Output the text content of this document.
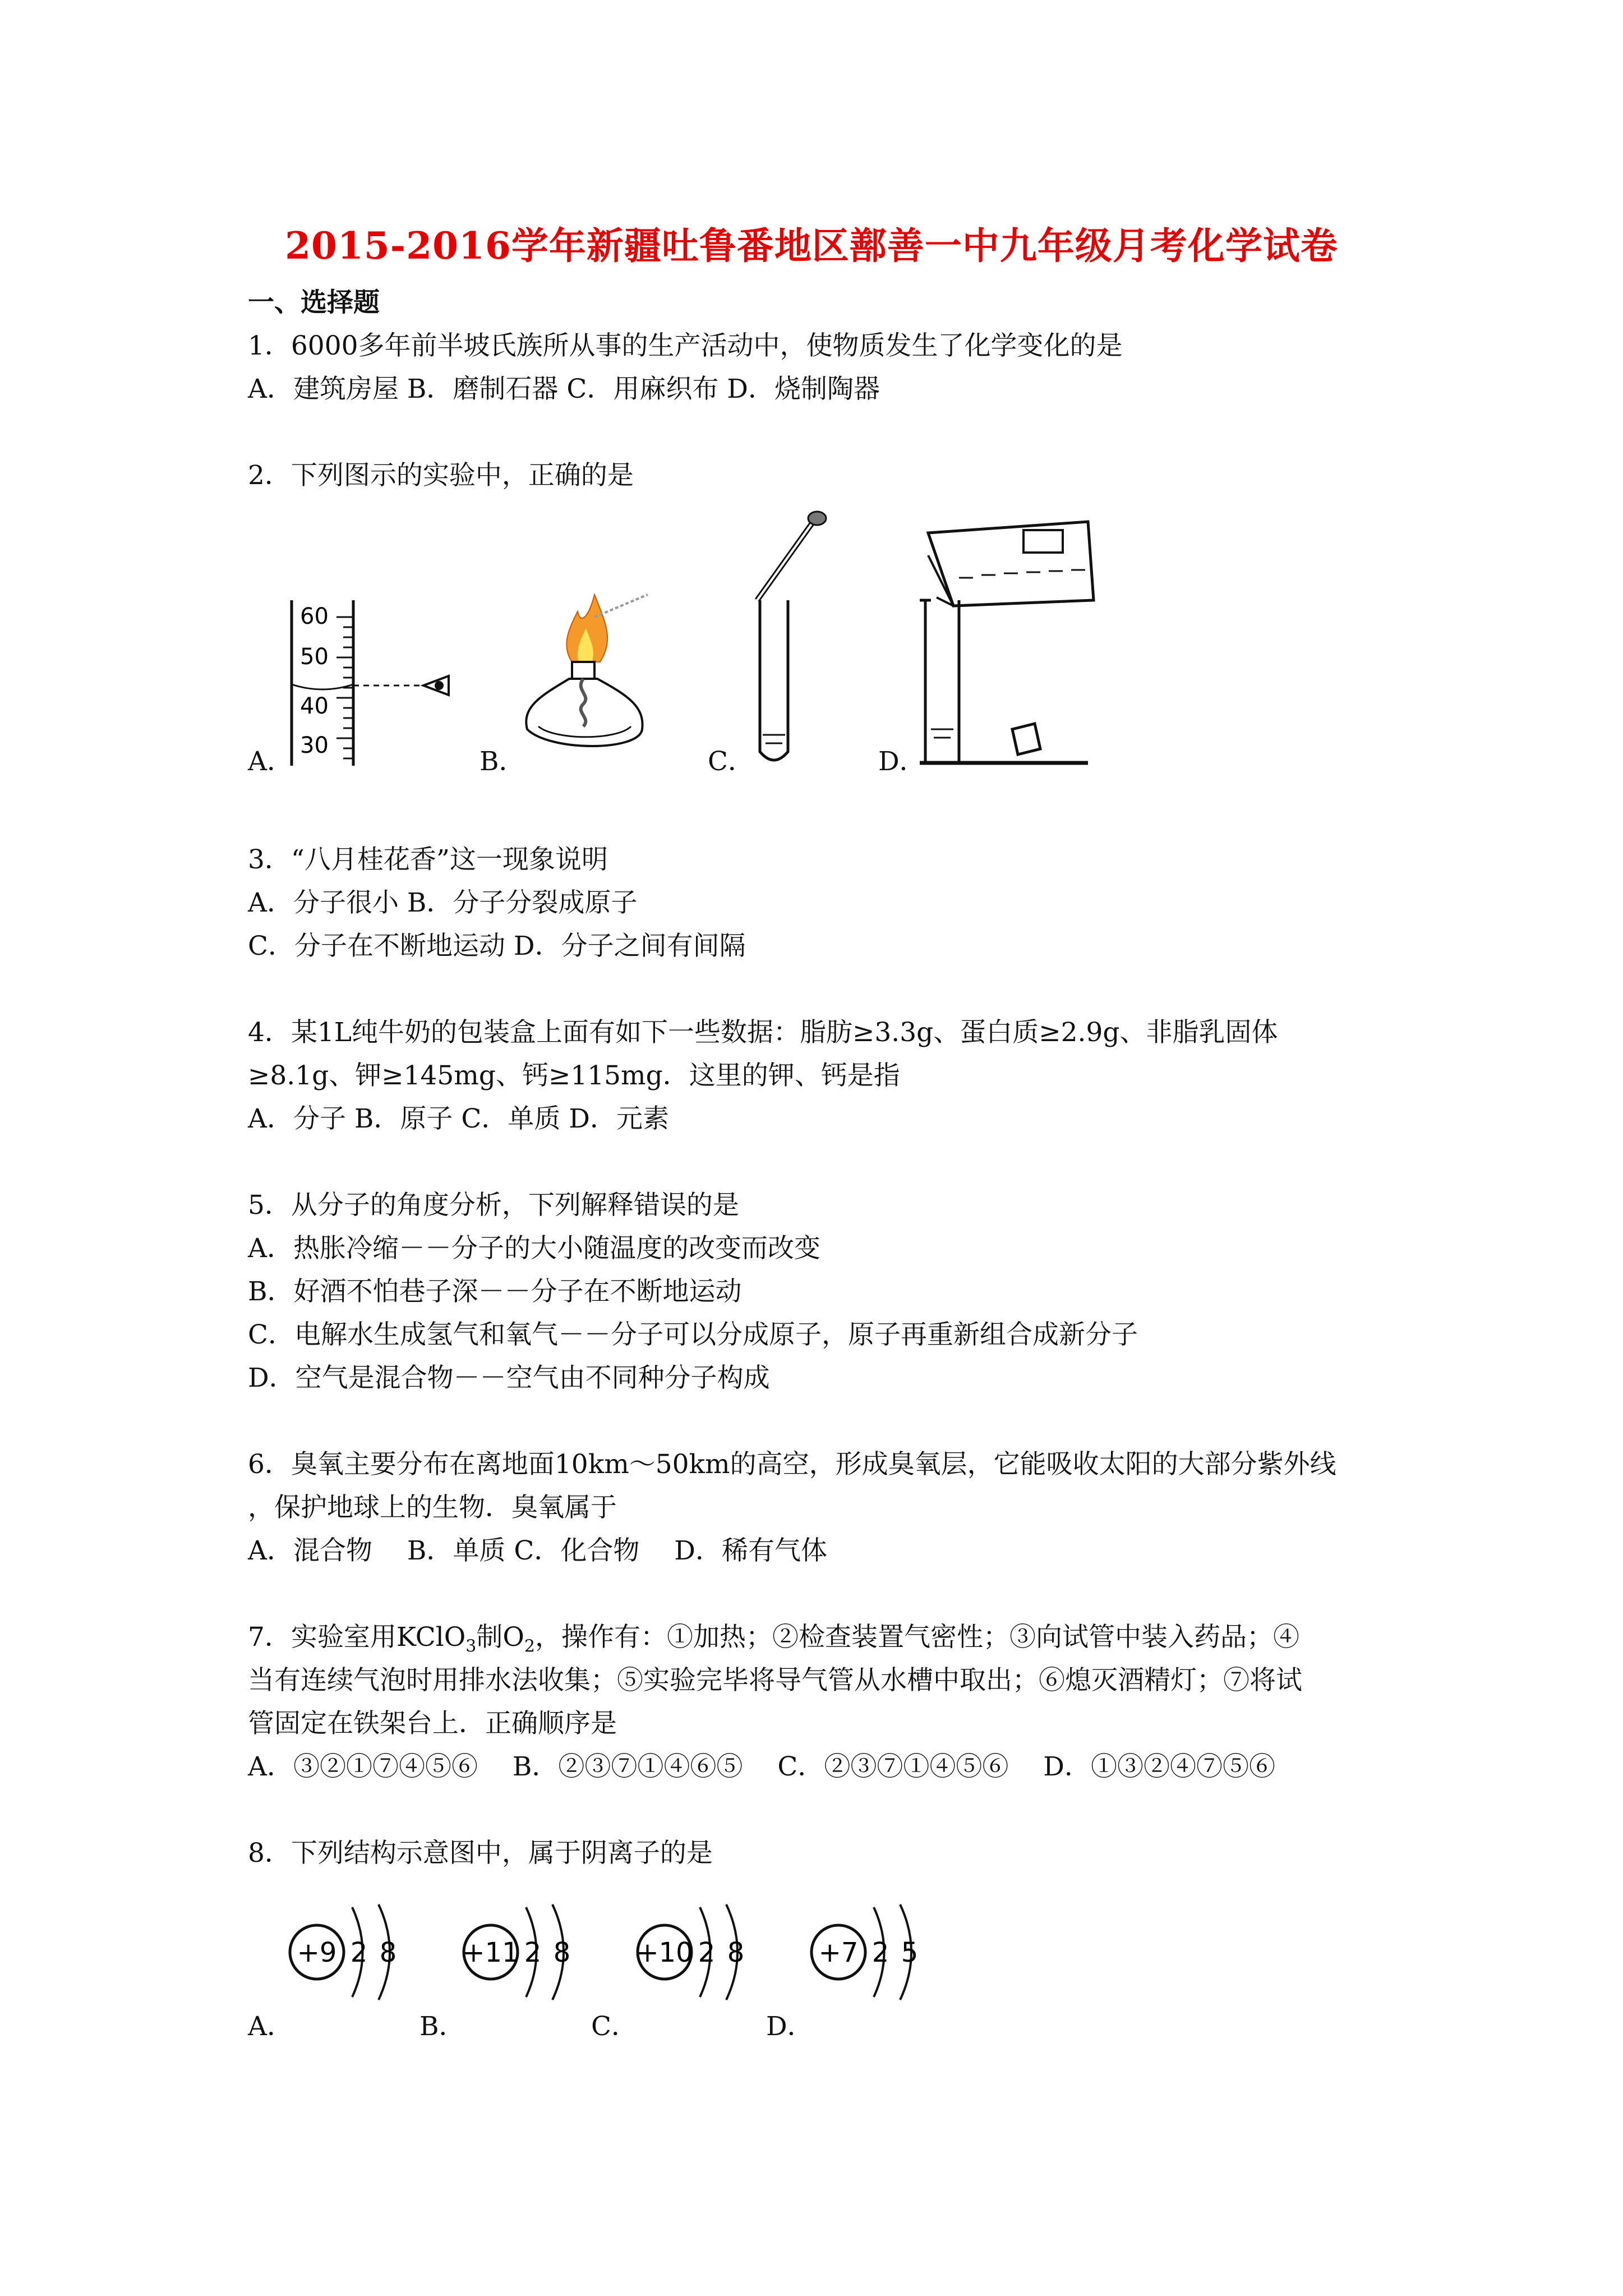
2015-2016学年新疆吐鲁番地区鄯善一中九年级月考化学试卷
一、选择题
1．6000多年前半坡氏族所从事的生产活动中，使物质发生了化学变化的是
A．建筑房屋 B．磨制石器 C．用麻织布 D．烧制陶器
2．下列图示的实验中，正确的是
A．	B．	C．	D．
60
50
40
30
3．“八月桂花香”这一现象说明
A．分子很小 B．分子分裂成原子
C．分子在不断地运动 D．分子之间有间隔
4．某1L纯牛奶的包装盒上面有如下一些数据：脂肪≥3.3g、蛋白质≥2.9g、非脂乳固体
≥8.1g、钾≥145mg、钙≥115mg．这里的钾、钙是指
A．分子 B．原子 C．单质 D．元素
5．从分子的角度分析，下列解释错误的是
A．热胀冷缩－－分子的大小随温度的改变而改变
B．好酒不怕巷子深－－分子在不断地运动
C．电解水生成氢气和氧气－－分子可以分成原子，原子再重新组合成新分子
D．空气是混合物－－空气由不同种分子构成
6．臭氧主要分布在离地面10km～50km的高空，形成臭氧层，它能吸收太阳的大部分紫外线
，保护地球上的生物．臭氧属于
A．混合物　 B．单质 C．化合物　 D．稀有气体
7．实验室用KClO$_3$制$O_2$，操作有：①加热；②检查装置气密性；③向试管中装入药品；④
当有连续气泡时用排水法收集；⑤实验完毕将导气管从水槽中取出；⑥熄灭酒精灯；⑦将试
管固定在铁架台上．正确顺序是
A．③②①⑦④⑤⑥　 B．②③⑦①④⑥⑤　 C．②③⑦①④⑤⑥　 D．①③②④⑦⑤⑥
8．下列结构示意图中，属于阴离子的是
A．	B．	C．	D．
+9 2 8 +11 2 8 +10 2 8	+7 2 5
